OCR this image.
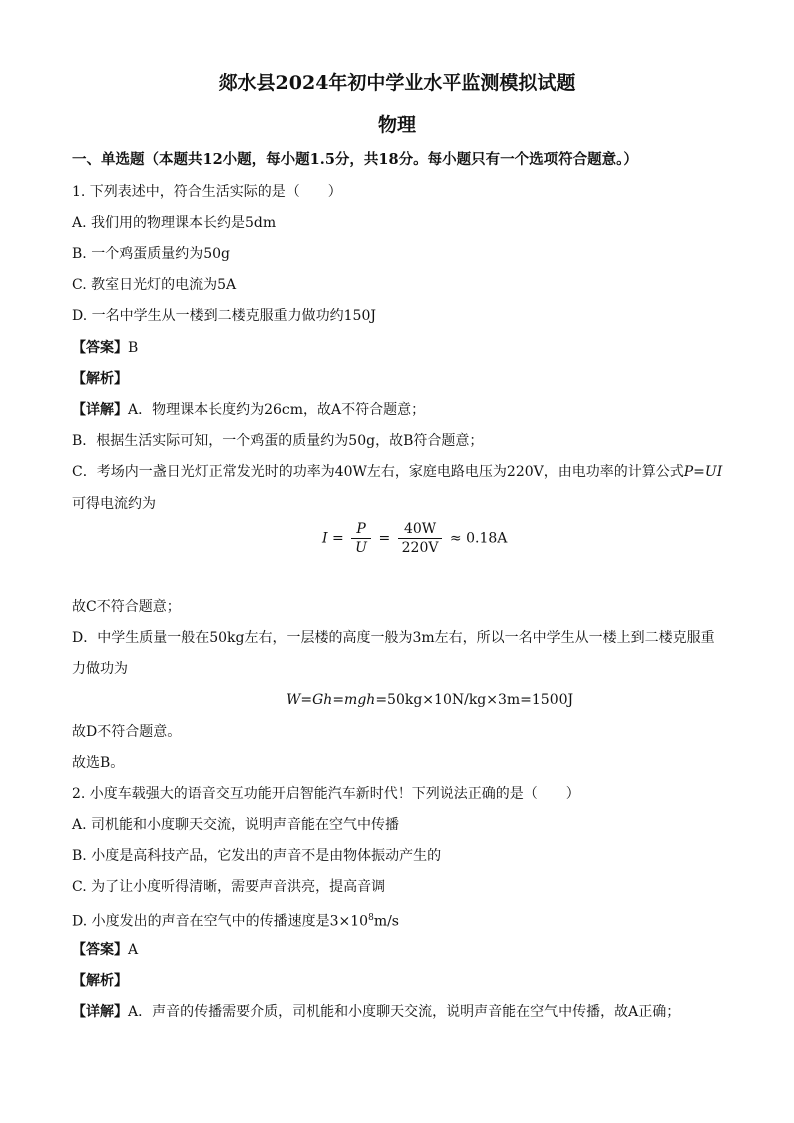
郯水县2024年初中学业水平监测模拟试题
物理
一、单选题（本题共12小题，每小题1.5分，共18分。每小题只有一个选项符合题意。）
1. 下列表述中，符合生活实际的是（　　）
A. 我们用的物理课本长约是5dm
B. 一个鸡蛋质量约为50g
C. 教室日光灯的电流为5A
D. 一名中学生从一楼到二楼克服重力做功约150J
【答案】B
【解析】
【详解】A．物理课本长度约为26cm，故A不符合题意；
B．根据生活实际可知，一个鸡蛋的质量约为50g，故B符合题意；
C．考场内一盏日光灯正常发光时的功率为40W左右，家庭电路电压为220V，由电功率的计算公式P=UI
可得电流约为
$I = \frac{P}{U} = \frac{40W}{220V} \approx 0.18A$
故C不符合题意；
D．中学生质量一般在50kg左右，一层楼的高度一般为3m左右，所以一名中学生从一楼上到二楼克服重
力做功为
W=Gh=mgh=50kg×10N/kg×3m=1500J
故D不符合题意。
故选B。
2. 小度车载强大的语音交互功能开启智能汽车新时代！下列说法正确的是（　　）
A. 司机能和小度聊天交流，说明声音能在空气中传播
B. 小度是高科技产品，它发出的声音不是由物体振动产生的
C. 为了让小度听得清晰，需要声音洪亮，提高音调
D. 小度发出的声音在空气中的传播速度是$3\times 10^8m/s$
【答案】A
【解析】
【详解】A．声音的传播需要介质，司机能和小度聊天交流，说明声音能在空气中传播，故A正确；
